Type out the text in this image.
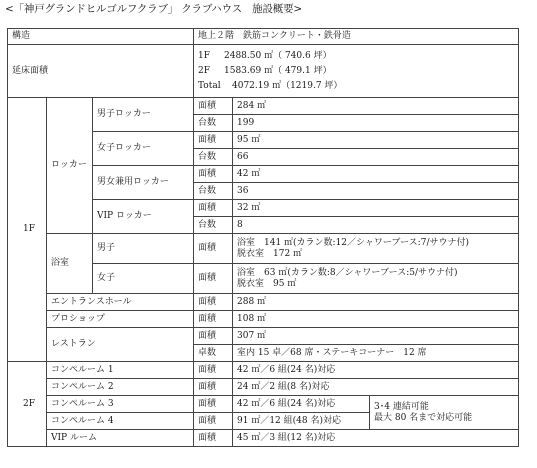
<「神戸グランドヒルゴルフクラブ」 クラブハウス　施設概要>
構造			地上２階　鉄筋コンクリート・鉄骨造		
延床面積			1F 2488.50 ㎡（ 740.6 坪）
2F 1583.69 ㎡（ 479.1 坪）
Total 4072.19 ㎡（1219.7 坪）		

1F	ロッカー	男子ロッカー	面積	284 ㎡	
			台数	199	
		女子ロッカー	面積	95 ㎡	
			台数	66	
		男女兼用ロッカー	面積	42 ㎡	
			台数	36	
		VIP ロッカー	面積	32 ㎡	
			台数	8	
	浴室	男子	面積	浴室　141 ㎡(カラン数:12／シャワーブース:7/サウナ付)
脱衣室　172 ㎡	

		女子	面積	浴室　63 ㎡(カラン数:8／シャワーブース:5/サウナ付)
脱衣室　95 ㎡	

	エントランスホール		面積	288 ㎡	
	プロショップ		面積	108 ㎡	
	レストラン		面積	307 ㎡	
			卓数	室内 15 卓／68 席・ステーキコーナー　12 席	
2F	コンペルーム 1		面積	42 ㎡／6 組(24 名)対応	
	コンペルーム 2		面積	24 ㎡／2 組(8 名)対応	
	コンペルーム 3		面積	42 ㎡／6 組(24 名)対応	3･4 連結可能
最大 80 名まで対応可能

	コンペルーム 4		面積	91 ㎡／12 組(48 名)対応	
	VIP ルーム		面積	45 ㎡／3 組(12 名)対応	
